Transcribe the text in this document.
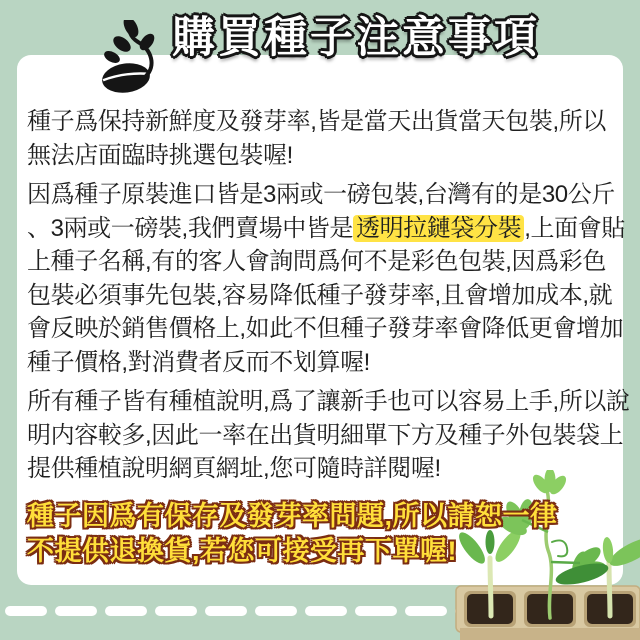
購買種子注意事項
種子爲保持新鮮度及發芽率,皆是當天出貨當天包裝,所以
無法店面臨時挑選包裝喔!
因爲種子原裝進口皆是3兩或一磅包裝,台灣有的是30公斤
、3兩或一磅裝,我們賣場中皆是 透明拉鏈袋分裝 ,上面會貼
上種子名稱,有的客人會詢問爲何不是彩色包裝,因爲彩色
包裝必須事先包裝,容易降低種子發芽率,且會增加成本,就
會反映於銷售價格上,如此不但種子發芽率會降低更會增加
種子價格,對消費者反而不划算喔!
所有種子皆有種植說明,爲了讓新手也可以容易上手,所以說
明内容較多,因此一率在出貨明細單下方及種子外包裝袋上
提供種植說明網頁網址,您可隨時詳閱喔!
種子因爲有保存及發芽率問題,所以請恕一律
不提供退換貨,若您可接受再下單喔!
